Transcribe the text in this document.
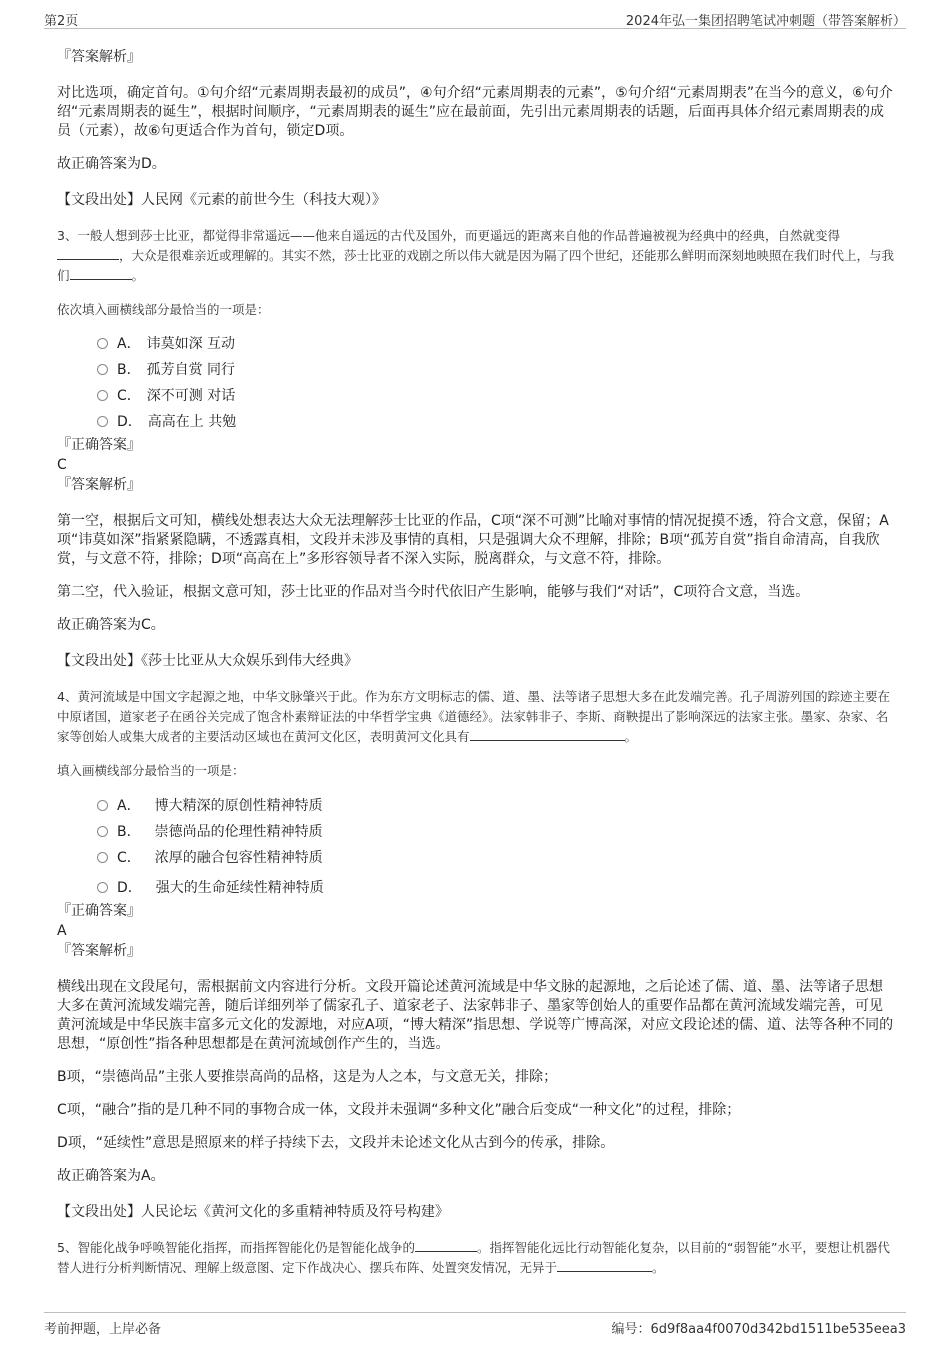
第2页	2024年弘一集团招聘笔试冲刺题（带答案解析）

『答案解析』

对比选项，确定首句。①句介绍“元素周期表最初的成员”，④句介绍“元素周期表的元素”，⑤句介绍“元素周期表”在当今的意义，⑥句介绍“元素周期表的诞生”，根据时间顺序，“元素周期表的诞生”应在最前面，先引出元素周期表的话题，后面再具体介绍元素周期表的成员（元素），故⑥句更适合作为首句，锁定D项。

故正确答案为D。

【文段出处】人民网《元素的前世今生（科技大观）》

3、一般人想到莎士比亚，都觉得非常遥远——他来自遥远的古代及国外，而更遥远的距离来自他的作品普遍被视为经典中的经典，自然就变得，大众是很难亲近或理解的。其实不然，莎士比亚的戏剧之所以伟大就是因为隔了四个世纪，还能那么鲜明而深刻地映照在我们时代上，与我们	。

依次填入画横线部分最恰当的一项是：

A． 讳莫如深 互动
B． 孤芳自赏 同行
C． 深不可测 对话
D． 高高在上 共勉

『正确答案』

C

『答案解析』

第一空，根据后文可知，横线处想表达大众无法理解莎士比亚的作品，C项“深不可测”比喻对事情的情况捉摸不透，符合文意，保留；A项“讳莫如深”指紧紧隐瞒，不透露真相，文段并未涉及事情的真相，只是强调大众不理解，排除；B项“孤芳自赏”指自命清高，自我欣赏，与文意不符，排除；D项“高高在上”多形容领导者不深入实际，脱离群众，与文意不符，排除。

第二空，代入验证，根据文意可知，莎士比亚的作品对当今时代依旧产生影响，能够与我们“对话”，C项符合文意，当选。

故正确答案为C。

【文段出处】《莎士比亚从大众娱乐到伟大经典》

4、黄河流域是中国文字起源之地，中华文脉肇兴于此。作为东方文明标志的儒、道、墨、法等诸子思想大多在此发端完善。孔子周游列国的踪迹主要在中原诸国，道家老子在函谷关完成了饱含朴素辩证法的中华哲学宝典《道德经》。法家韩非子、李斯、商鞅提出了影响深远的法家主张。墨家、杂家、名家等创始人或集大成者的主要活动区域也在黄河文化区，表明黄河文化具有	。

填入画横线部分最恰当的一项是：

A． 博大精深的原创性精神特质
B． 崇德尚品的伦理性精神特质
C． 浓厚的融合包容性精神特质
D． 强大的生命延续性精神特质

『正确答案』

A

『答案解析』

横线出现在文段尾句，需根据前文内容进行分析。文段开篇论述黄河流域是中华文脉的起源地，之后论述了儒、道、墨、法等诸子思想大多在黄河流域发端完善，随后详细列举了儒家孔子、道家老子、法家韩非子、墨家等创始人的重要作品都在黄河流域发端完善，可见黄河流域是中华民族丰富多元文化的发源地，对应A项，“博大精深”指思想、学说等广博高深，对应文段论述的儒、道、法等各种不同的思想，“原创性”指各种思想都是在黄河流域创作产生的，当选。

B项，“崇德尚品”主张人要推崇高尚的品格，这是为人之本，与文意无关，排除；

C项，“融合”指的是几种不同的事物合成一体，文段并未强调“多种文化”融合后变成“一种文化”的过程，排除；

D项，“延续性”意思是照原来的样子持续下去，文段并未论述文化从古到今的传承，排除。

故正确答案为A。

【文段出处】人民论坛《黄河文化的多重精神特质及符号构建》

5、智能化战争呼唤智能化指挥，而指挥智能化仍是智能化战争的	。指挥智能化远比行动智能化复杂，以目前的“弱智能”水平，要想让机器代替人进行分析判断情况、理解上级意图、定下作战决心、摆兵布阵、处置突发情况，无异于	。

考前押题，上岸必备	编号：6d9f8aa4f0070d342bd1511be535eea3
